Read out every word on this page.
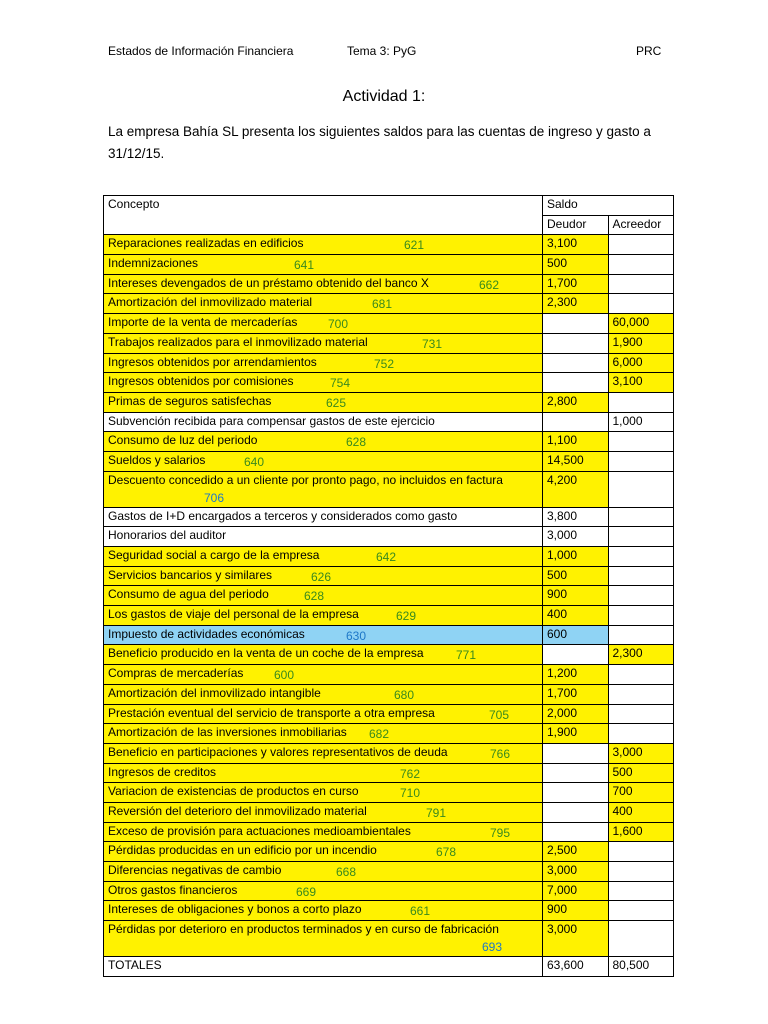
Estados de Información Financiera	Tema 3: PyG	PRC
Actividad 1:
La empresa Bahía SL presenta los siguientes saldos para las cuentas de ingreso y gasto a 31/12/15.
Concepto	Saldo	
	Deudor	Acreedor
Reparaciones realizadas en edificios 621	3,100	
Indemnizaciones 641	500	
Intereses devengados de un préstamo obtenido del banco X 662	1,700	
Amortización del inmovilizado material 681	2,300	
Importe de la venta de mercaderías 700		60,000
Trabajos realizados para el inmovilizado material 731		1,900
Ingresos obtenidos por arrendamientos 752		6,000
Ingresos obtenidos por comisiones 754		3,100
Primas de seguros satisfechas 625	2,800	
Subvención recibida para compensar gastos de este ejercicio		1,000
Consumo de luz del periodo 628	1,100	
Sueldos y salarios 640	14,500	

Descuento concedido a un cliente por pronto pago, no incluidos en factura
706	4,200	
Gastos de I+D encargados a terceros y considerados como gasto	3,800	
Honorarios del auditor	3,000	
Seguridad social a cargo de la empresa 642	1,000	
Servicios bancarios y similares 626	500	
Consumo de agua del periodo 628	900	
Los gastos de viaje del personal de la empresa 629	400	
Impuesto de actividades económicas 630	600	
Beneficio producido en la venta de un coche de la empresa 771		2,300
Compras de mercaderías 600	1,200	
Amortización del inmovilizado intangible 680	1,700	
Prestación eventual del servicio de transporte a otra empresa 705	2,000	
Amortización de las inversiones inmobiliarias 682	1,900	
Beneficio en participaciones y valores representativos de deuda 766		3,000
Ingresos de creditos 762		500
Variacion de existencias de productos en curso 710		700
Reversión del deterioro del inmovilizado material 791		400
Exceso de provisión para actuaciones medioambientales 795		1,600
Pérdidas producidas en un edificio por un incendio 678	2,500	
Diferencias negativas de cambio 668	3,000	
Otros gastos financieros 669	7,000	
Intereses de obligaciones y bonos a corto plazo 661	900	

Pérdidas por deterioro en productos terminados y en curso de fabricación
693	3,000	
TOTALES	63,600	80,500
